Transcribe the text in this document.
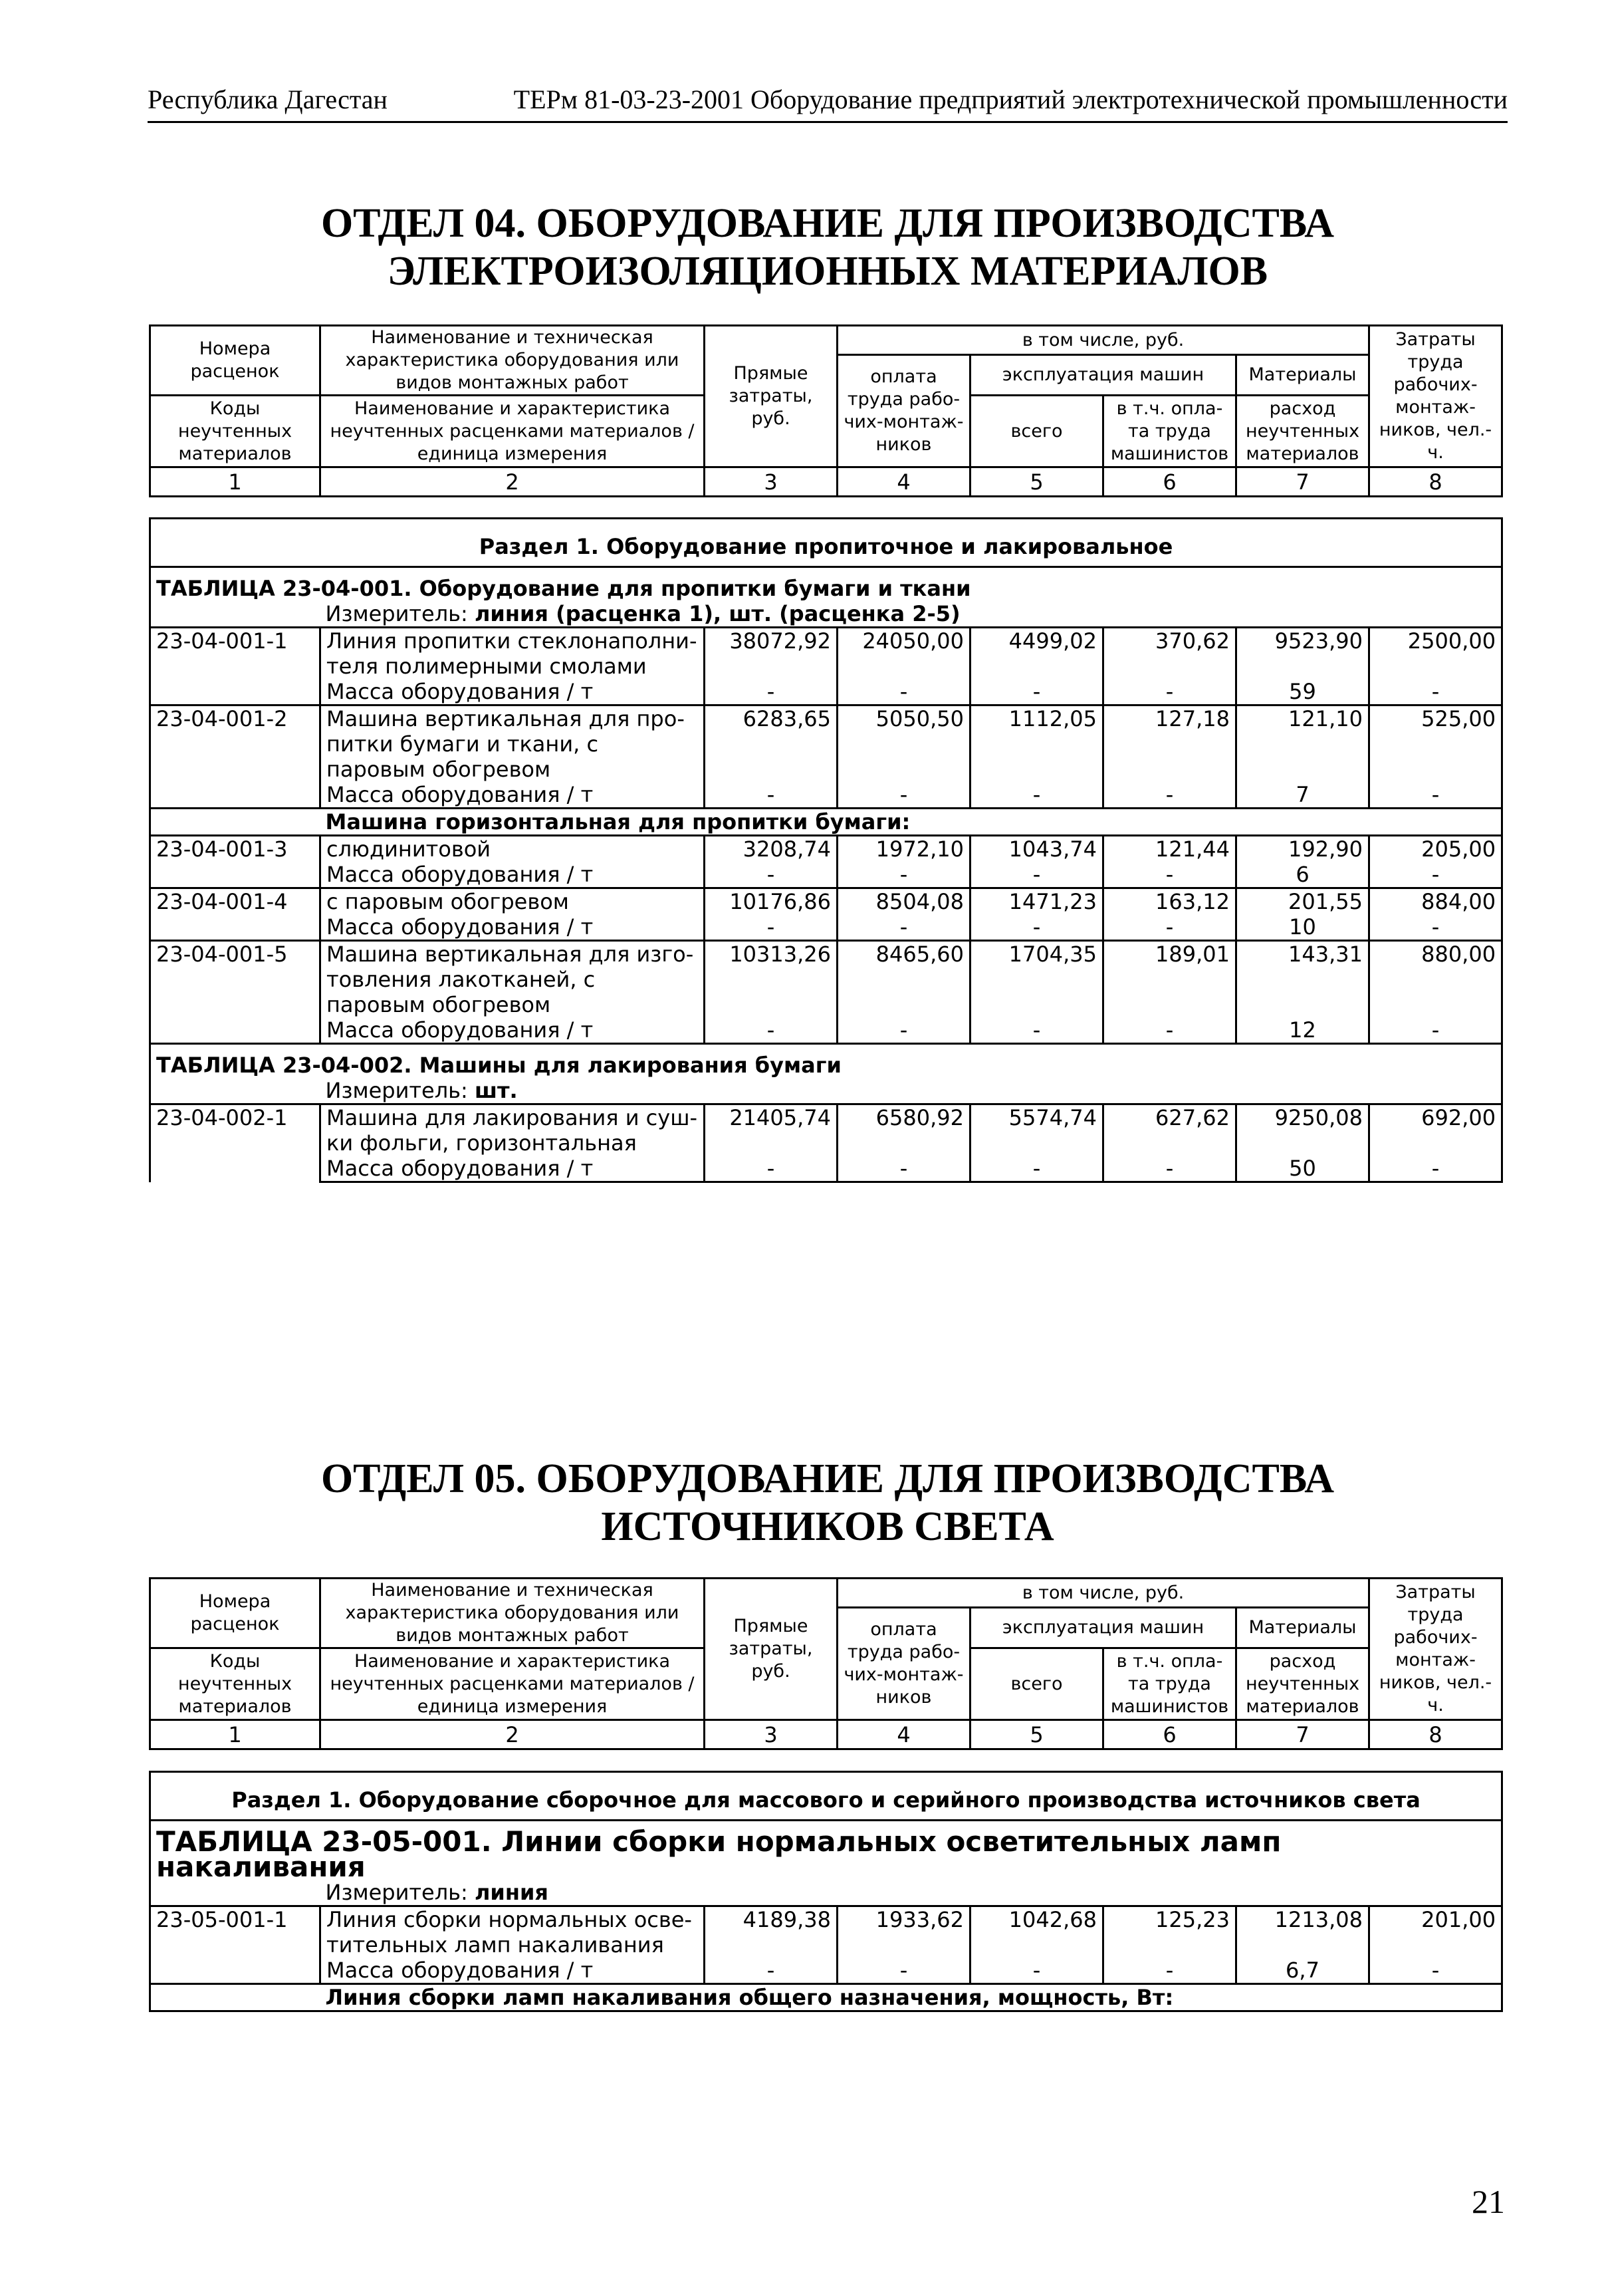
Республика Дагестан	ТЕРм 81-03-23-2001 Оборудование предприятий электротехнической промышленности
ОТДЕЛ 04. ОБОРУДОВАНИЕ ДЛЯ ПРОИЗВОДСТВА
ЭЛЕКТРОИЗОЛЯЦИОННЫХ МАТЕРИАЛОВ
Номера расценок	Наименование и техническая характеристика оборудования или видов монтажных работ	Прямые затраты, руб.	в том числе, руб.				Затраты труда рабочих-монтаж-ников, чел.-ч.
			оплата труда рабо-чих-монтаж-ников	эксплуатация машин		Материалы	
Коды неучтенных материалов	Наименование и характеристика неучтенных расценками материалов / единица измерения			всего	в т.ч. опла-та труда машинистов	расход неучтенных материалов	

1	2	3	4	5	6	7	8
Раздел 1. Оборудование пропиточное и лакировальное							
ТАБЛИЦА 23-04-001. Оборудование для пропитки бумаги и ткани							
	Измеритель: линия (расценка 1), шт. (расценка 2-5)						
23-04-001-1	Линия пропитки стеклонаполни-теля полимерными смолами	38072,92	24050,00	4499,02	370,62	9523,90	2500,00
	Масса оборудования / т	-	-	-	-	59	-
23-04-001-2	Машина вертикальная для про-питки бумаги и ткани, с паровым обогревом	6283,65	5050,50	1112,05	127,18	121,10	525,00
	Масса оборудования / т	-	-	-	-	7	-
	Машина горизонтальная для пропитки бумаги:						
23-04-001-3	слюдинитовой	3208,74	1972,10	1043,74	121,44	192,90	205,00
	Масса оборудования / т	-	-	-	-	6	-
23-04-001-4	с паровым обогревом	10176,86	8504,08	1471,23	163,12	201,55	884,00
	Масса оборудования / т	-	-	-	-	10	-
23-04-001-5	Машина вертикальная для изго-товления лакотканей, с паровым обогревом	10313,26	8465,60	1704,35	189,01	143,31	880,00
	Масса оборудования / т	-	-	-	-	12	-
ТАБЛИЦА 23-04-002. Машины для лакирования бумаги							
	Измеритель: шт.						
23-04-002-1	Машина для лакирования и суш-ки фольги, горизонтальная	21405,74	6580,92	5574,74	627,62	9250,08	692,00
	Масса оборудования / т	-	-	-	-	50	-
ОТДЕЛ 05. ОБОРУДОВАНИЕ ДЛЯ ПРОИЗВОДСТВА
ИСТОЧНИКОВ СВЕТА
Номера расценок	Наименование и техническая характеристика оборудования или видов монтажных работ	Прямые затраты, руб.	в том числе, руб.				Затраты труда рабочих-монтаж-ников, чел.-ч.
			оплата труда рабо-чих-монтаж-ников	эксплуатация машин		Материалы	
Коды неучтенных материалов	Наименование и характеристика неучтенных расценками материалов / единица измерения			всего	в т.ч. опла-та труда машинистов	расход неучтенных материалов	

1	2	3	4	5	6	7	8
Раздел 1. Оборудование сборочное для массового и серийного производства источников света							
ТАБЛИЦА 23-05-001. Линии сборки нормальных осветительных ламп накаливания							
	Измеритель: линия						
23-05-001-1	Линия сборки нормальных осве-тительных ламп накаливания	4189,38	1933,62	1042,68	125,23	1213,08	201,00
	Масса оборудования / т	-	-	-	-	6,7	-
	Линия сборки ламп накаливания общего назначения, мощность, Вт:						
21
